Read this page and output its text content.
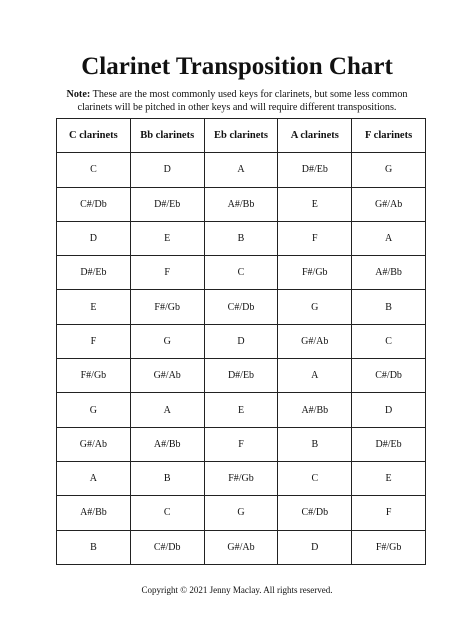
Clarinet Transposition Chart
Note: These are the most commonly used keys for clarinets, but some less common clarinets will be pitched in other keys and will require different transpositions.
C clarinets	Bb clarinets	Eb clarinets	A clarinets	F clarinets
C	D	A	D#/Eb	G
C#/Db	D#/Eb	A#/Bb	E	G#/Ab
D	E	B	F	A
D#/Eb	F	C	F#/Gb	A#/Bb
E	F#/Gb	C#/Db	G	B
F	G	D	G#/Ab	C
F#/Gb	G#/Ab	D#/Eb	A	C#/Db
G	A	E	A#/Bb	D
G#/Ab	A#/Bb	F	B	D#/Eb
A	B	F#/Gb	C	E
A#/Bb	C	G	C#/Db	F
B	C#/Db	G#/Ab	D	F#/Gb
Copyright © 2021 Jenny Maclay. All rights reserved.
